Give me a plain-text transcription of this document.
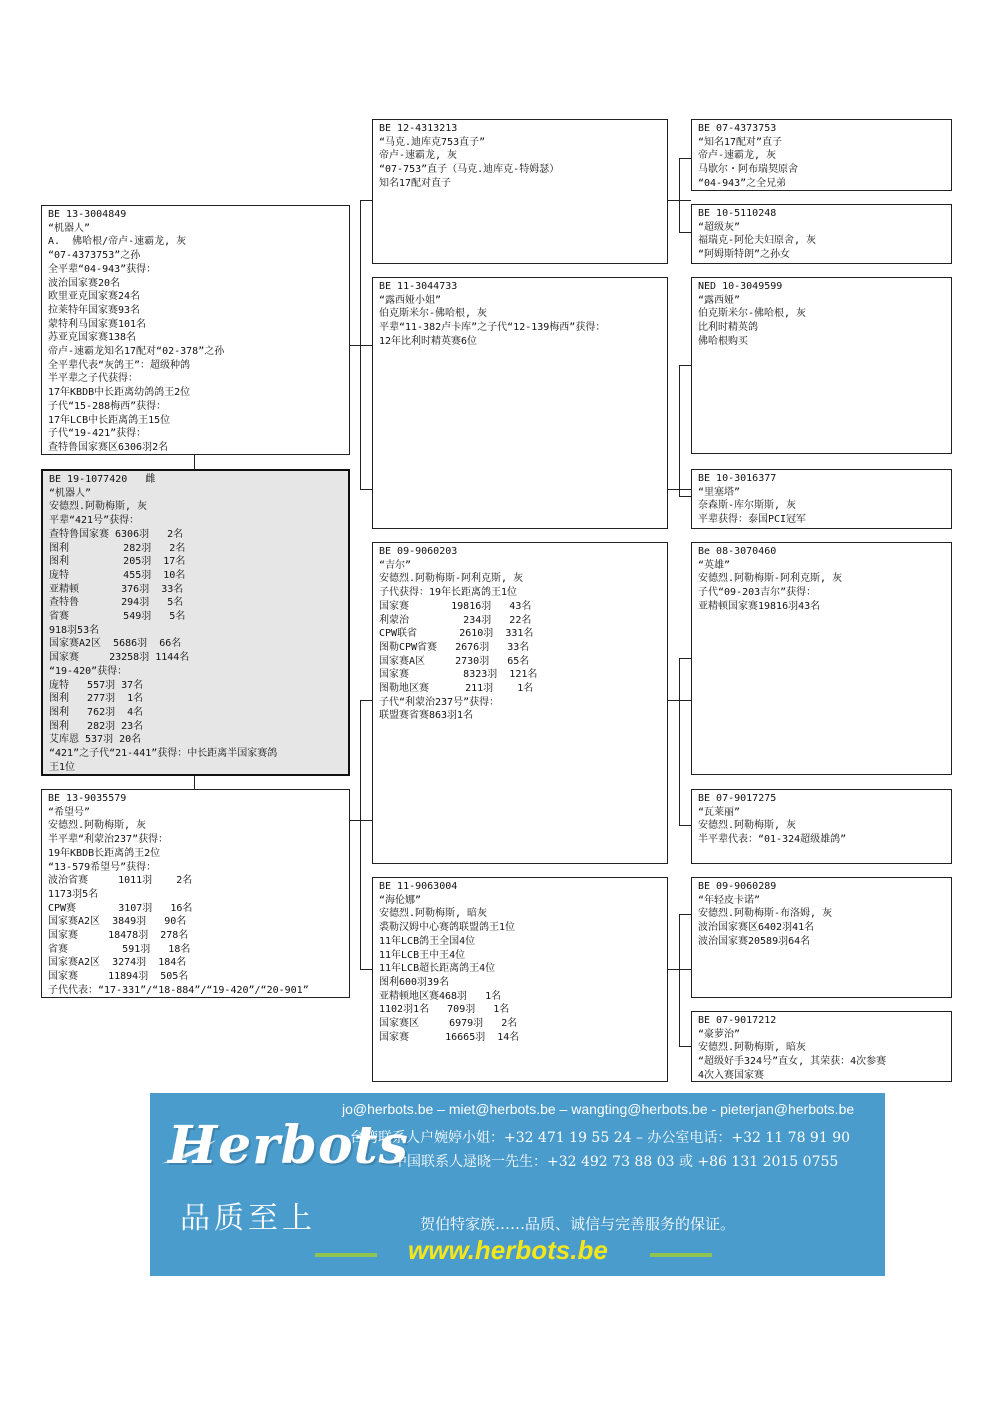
BE 13-3004849
“机器人”
A.  佛哈根/帝卢-速霸龙, 灰
“07-4373753”之孙
全平辈“04-943”获得：
波治国家赛20名
欧里亚克国家赛24名
拉莱特年国家赛93名
蒙特利马国家赛101名
苏亚克国家赛138名
帝卢-速霸龙知名17配对“02-378”之孙
全平辈代表“灰鸽王”：超级种鸽
半平辈之子代获得：
17年KBDB中长距离幼鸽鸽王2位
子代“15-288梅西”获得：
17年LCB中长距离鸽王15位
子代“19-421”获得：
查特鲁国家赛区6306羽2名
BE 19-1077420   雌
“机器人”
安德烈.阿勒梅斯, 灰
平辈“421号”获得：
查特鲁国家赛 6306羽   2名
图利         282羽   2名
图利         205羽  17名
庞特         455羽  10名
亚精顿       376羽  33名
查特鲁       294羽   5名
省赛         549羽   5名
918羽53名
国家赛A2区  5686羽  66名
国家赛     23258羽 1144名
“19-420”获得：
庞特   557羽 37名
图利   277羽  1名
图利   762羽  4名
图利   282羽 23名
艾库恩 537羽 20名
“421”之子代“21-441”获得：中长距离半国家赛鸽
王1位
BE 13-9035579
“希望号”
安德烈.阿勒梅斯, 灰
半平辈“利蒙治237”获得：
19年KBDB长距离鸽王2位
“13-579希望号”获得：
波治省赛     1011羽    2名
1173羽5名
CPW赛       3107羽   16名
国家赛A2区  3849羽   90名
国家赛     18478羽  278名
省赛         591羽   18名
国家赛A2区  3274羽  184名
国家赛     11894羽  505名
子代代表：“17-331”/“18-884”/“19-420”/“20-901”
BE 12-4313213
“马克.迪库克753直子”
帝卢-速霸龙, 灰
“07-753”直子（马克.迪库克-特姆瑟）
知名17配对直子
BE 11-3044733
“露西娅小姐”
伯克斯米尔-佛哈根, 灰
平辈“11-382卢卡库”之子代“12-139梅西”获得：
12年比利时精英赛6位
BE 09-9060203
“吉尔”
安德烈.阿勒梅斯-阿利克斯, 灰
子代获得：19年长距离鸽王1位
国家赛       19816羽   43名
利蒙治         234羽   22名
CPW联省       2610羽  331名
图勒CPW省赛   2676羽   33名
国家赛A区     2730羽   65名
国家赛         8323羽  121名
图勒地区赛      211羽    1名
子代“利蒙治237号”获得：
联盟赛省赛863羽1名
BE 11-9063004
“海伦娜”
安德烈.阿勒梅斯, 暗灰
裘勒汉姆中心赛鸽联盟鸽王1位
11年LCB鸽王全国4位
11年LCB王中王4位
11年LCB超长距离鸽王4位
图利600羽39名
亚精顿地区赛468羽   1名
1102羽1名   709羽   1名
国家赛区     6979羽   2名
国家赛      16665羽  14名
BE 07-4373753
“知名17配对”直子
帝卢-速霸龙, 灰
马歇尔・阿布瑞契原舍
“04-943”之全兄弟
BE 10-5110248
“超级灰”
福瑞克-阿伦夫妇原舍, 灰
“阿姆斯特朗”之孙女
NED 10-3049599
“露西娅”
伯克斯米尔-佛哈根, 灰
比利时精英鸽
佛哈根购买
BE 10-3016377
“里塞塔”
奈森斯-库尔斯斯, 灰
平辈获得：泰国PCI冠军
Be 08-3070460
“英雄”
安德烈.阿勒梅斯-阿利克斯, 灰
子代“09-203吉尔”获得：
亚精顿国家赛19816羽43名
BE 07-9017275
“瓦莱丽”
安德烈.阿勒梅斯, 灰
半平辈代表：“01-324超级雄鸽”
BE 09-9060289
“年轻皮卡诺”
安德烈.阿勒梅斯-布洛姆, 灰
波治国家赛区6402羽41名
波治国家赛20589羽64名
BE 07-9017212
“豪萝治”
安德烈.阿勒梅斯, 暗灰
“超级好手324号”直女, 其荣获：4次参赛
4次入赛国家赛
Herbots
品质至上
jo@herbots.be – miet@herbots.be – wangting@herbots.be - pieterjan@herbots.be
台湾联系人户婉婷小姐：+32 471 19 55 24 – 办公室电话：+32 11 78 91 90
中国联系人逯晓一先生：+32 492 73 88 03 或 +86 131 2015 0755
贺伯特家族……品质、诚信与完善服务的保证。
www.herbots.be
